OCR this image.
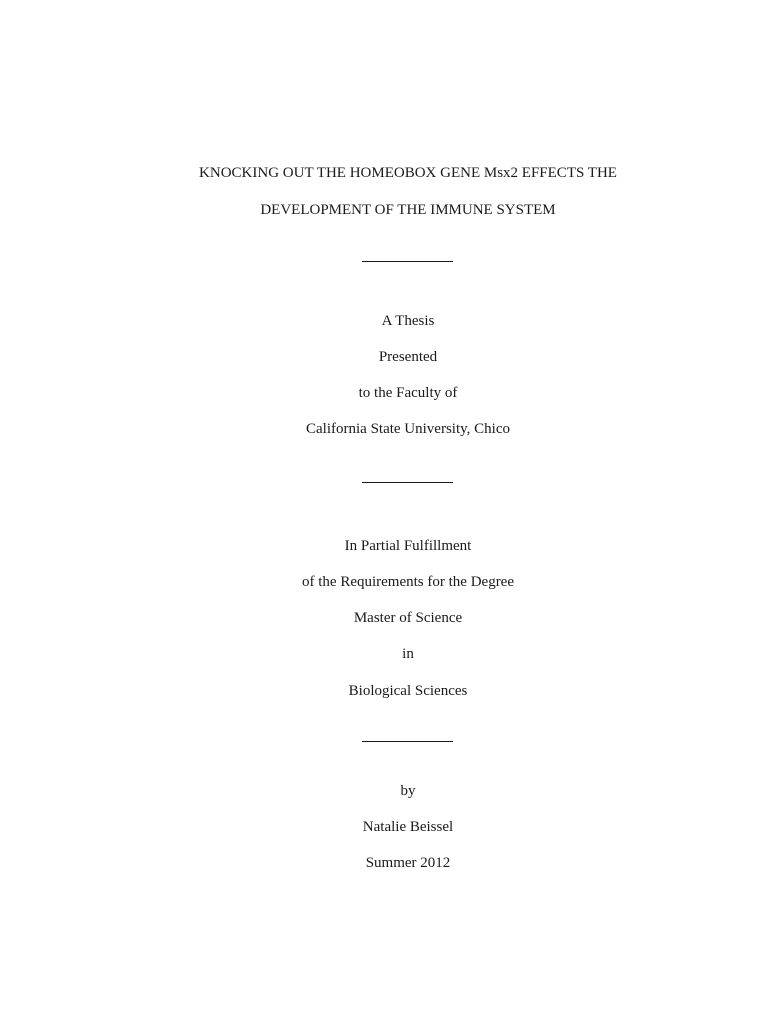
KNOCKING OUT THE HOMEOBOX GENE Msx2 EFFECTS THE
DEVELOPMENT OF THE IMMUNE SYSTEM
A Thesis
Presented
to the Faculty of
California State University, Chico
In Partial Fulfillment
of the Requirements for the Degree
Master of Science
in
Biological Sciences
by
Natalie Beissel
Summer 2012
